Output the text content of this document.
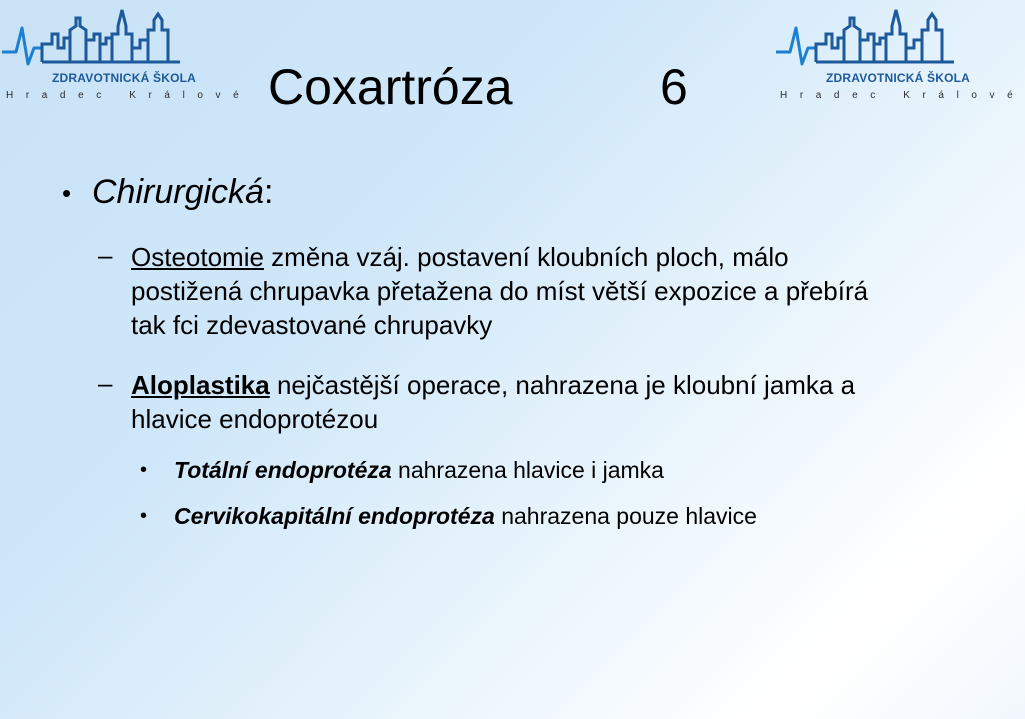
ZDRAVOTNICKÁ ŠKOLA
Hradec Králové
ZDRAVOTNICKÁ ŠKOLA
Hradec Králové
Coxartróza	6
• Chirurgická:
– Osteotomie změna vzáj. postavení kloubních ploch, málo postižená chrupavka přetažena do míst větší expozice a přebírá tak fci zdevastované chrupavky
– Aloplastika nejčastější operace, nahrazena je kloubní jamka a hlavice endoprotézou
• Totální endoprotéza nahrazena hlavice i jamka
• Cervikokapitální endoprotéza nahrazena pouze hlavice
